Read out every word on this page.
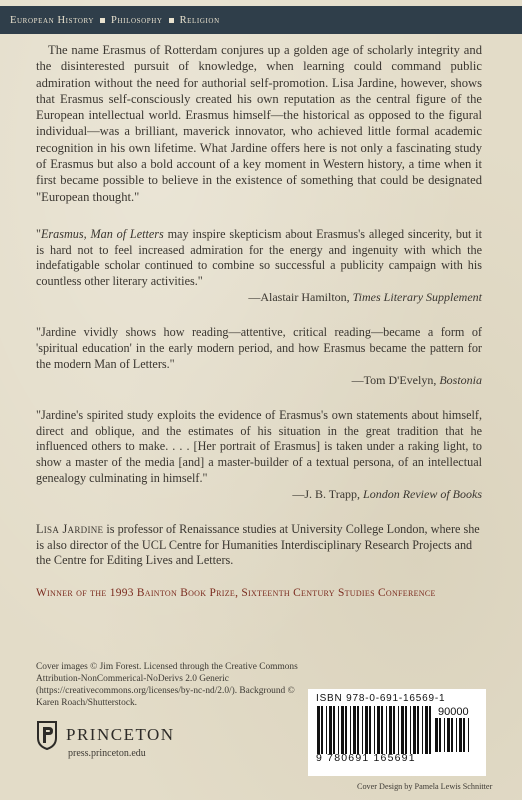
European History Philosophy Religion

The name Erasmus of Rotterdam conjures up a golden age of scholarly integrity and the disinterested pursuit of knowledge, when learning could command public admiration without the need for authorial self-promotion. Lisa Jardine, however, shows that Erasmus self-consciously created his own reputation as the central figure of the European intellectual world. Erasmus himself—the historical as opposed to the figural individual—was a brilliant, maverick innovator, who achieved little formal academic recognition in his own lifetime. What Jardine offers here is not only a fascinating study of Erasmus but also a bold account of a key moment in Western history, a time when it first became possible to believe in the existence of something that could be designated "European thought."

"Erasmus, Man of Letters may inspire skepticism about Erasmus's alleged sincerity, but it is hard not to feel increased admiration for the energy and ingenuity with which the indefatigable scholar continued to combine so successful a publicity campaign with his countless other literary activities."

—Alastair Hamilton, Times Literary Supplement

"Jardine vividly shows how reading—attentive, critical reading—became a form of 'spiritual education' in the early modern period, and how Erasmus became the pattern for the modern Man of Letters."

—Tom D'Evelyn, Bostonia

"Jardine's spirited study exploits the evidence of Erasmus's own statements about himself, direct and oblique, and the estimates of his situation in the great tradition that he influenced others to make. . . . [Her portrait of Erasmus] is taken under a raking light, to show a master of the media [and] a master-builder of a textual persona, of an intellectual genealogy culminating in himself."

—J. B. Trapp, London Review of Books

Lisa Jardine is professor of Renaissance studies at University College London, where she is also director of the UCL Centre for Humanities Interdisciplinary Research Projects and the Centre for Editing Lives and Letters.

Winner of the 1993 Bainton Book Prize, Sixteenth Century Studies Conference

Cover images © Jim Forest. Licensed through the Creative Commons Attribution-NonCommerical-NoDerivs 2.0 Generic (https://creativecommons.org/licenses/by-nc-nd/2.0/). Background © Karen Roach/Shutterstock.

PRINCETON
press.princeton.edu
ISBN 978-0-691-16569-1
90000
9 780691 165691

Cover Design by Pamela Lewis Schnitter
